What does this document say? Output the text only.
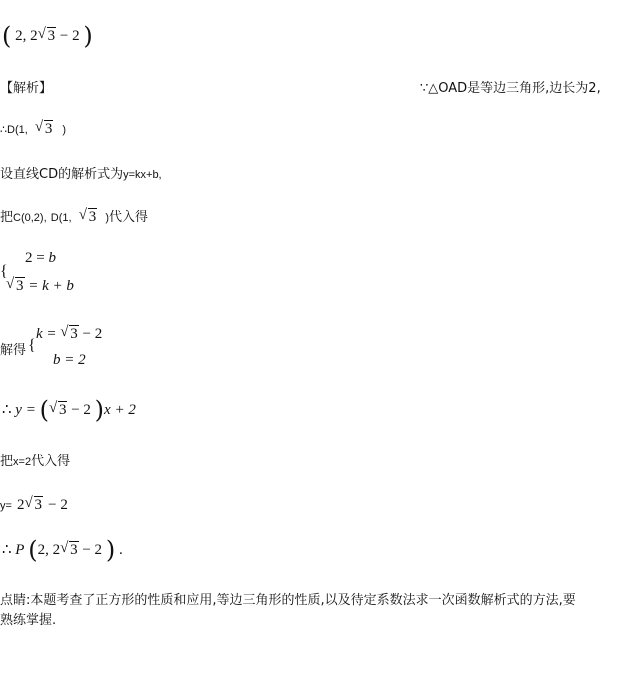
( 2, 2 √ 3 − 2 )
【解析】	∵△OAD是等边三角形,边长为2,
∴D(1, √ 3 )
设直线CD的解析式为y=kx+b,
把C(0,2), D(1, √ 3 )代入得
{
2 = b
√ 3 = k + b
解得 {
k = √ 3 − 2
b = 2
∴ y = ( √ 3 − 2 )x + 2
把x=2代入得
y= 2 √ 3 − 2
∴ P (2, 2 √ 3 − 2 ) .
点睛:本题考查了正方形的性质和应用,等边三角形的性质,以及待定系数法求一次函数解析式的方法,要
熟练掌握.
